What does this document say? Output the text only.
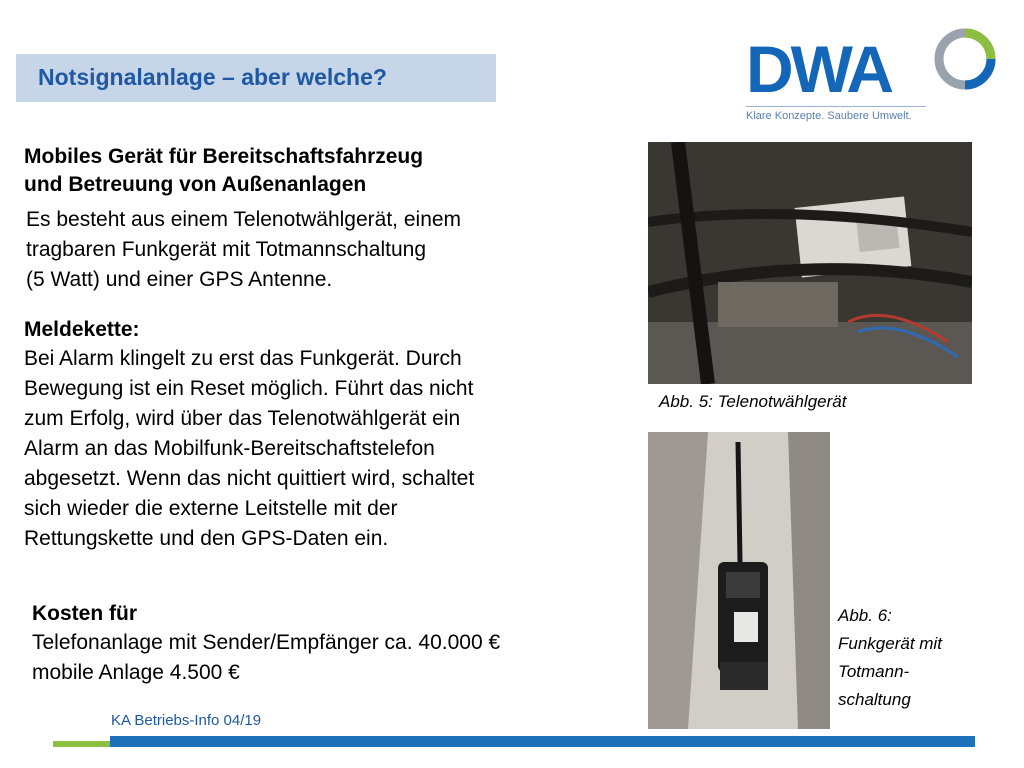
Notsignalanlage – aber welche?	DWA
Klare Konzepte. Saubere Umwelt.
Mobiles Gerät für Bereitschaftsfahrzeug
und Betreuung von Außenanlagen
Es besteht aus einem Telenotwählgerät, einem
tragbaren Funkgerät mit Totmannschaltung
(5 Watt) und einer GPS Antenne.
Meldekette:
Bei Alarm klingelt zu erst das Funkgerät. Durch
Bewegung ist ein Reset möglich. Führt das nicht
zum Erfolg, wird über das Telenotwählgerät ein
Alarm an das Mobilfunk-Bereitschaftstelefon
abgesetzt. Wenn das nicht quittiert wird, schaltet
sich wieder die externe Leitstelle mit der
Rettungskette und den GPS-Daten ein.
Kosten für
Telefonanlage mit Sender/Empfänger ca. 40.000 €
mobile Anlage 4.500 €
Abb. 5: Telenotwählgerät
Abb. 6:
Funkgerät mit
Totmann-
schaltung
KA Betriebs-Info 04/19
